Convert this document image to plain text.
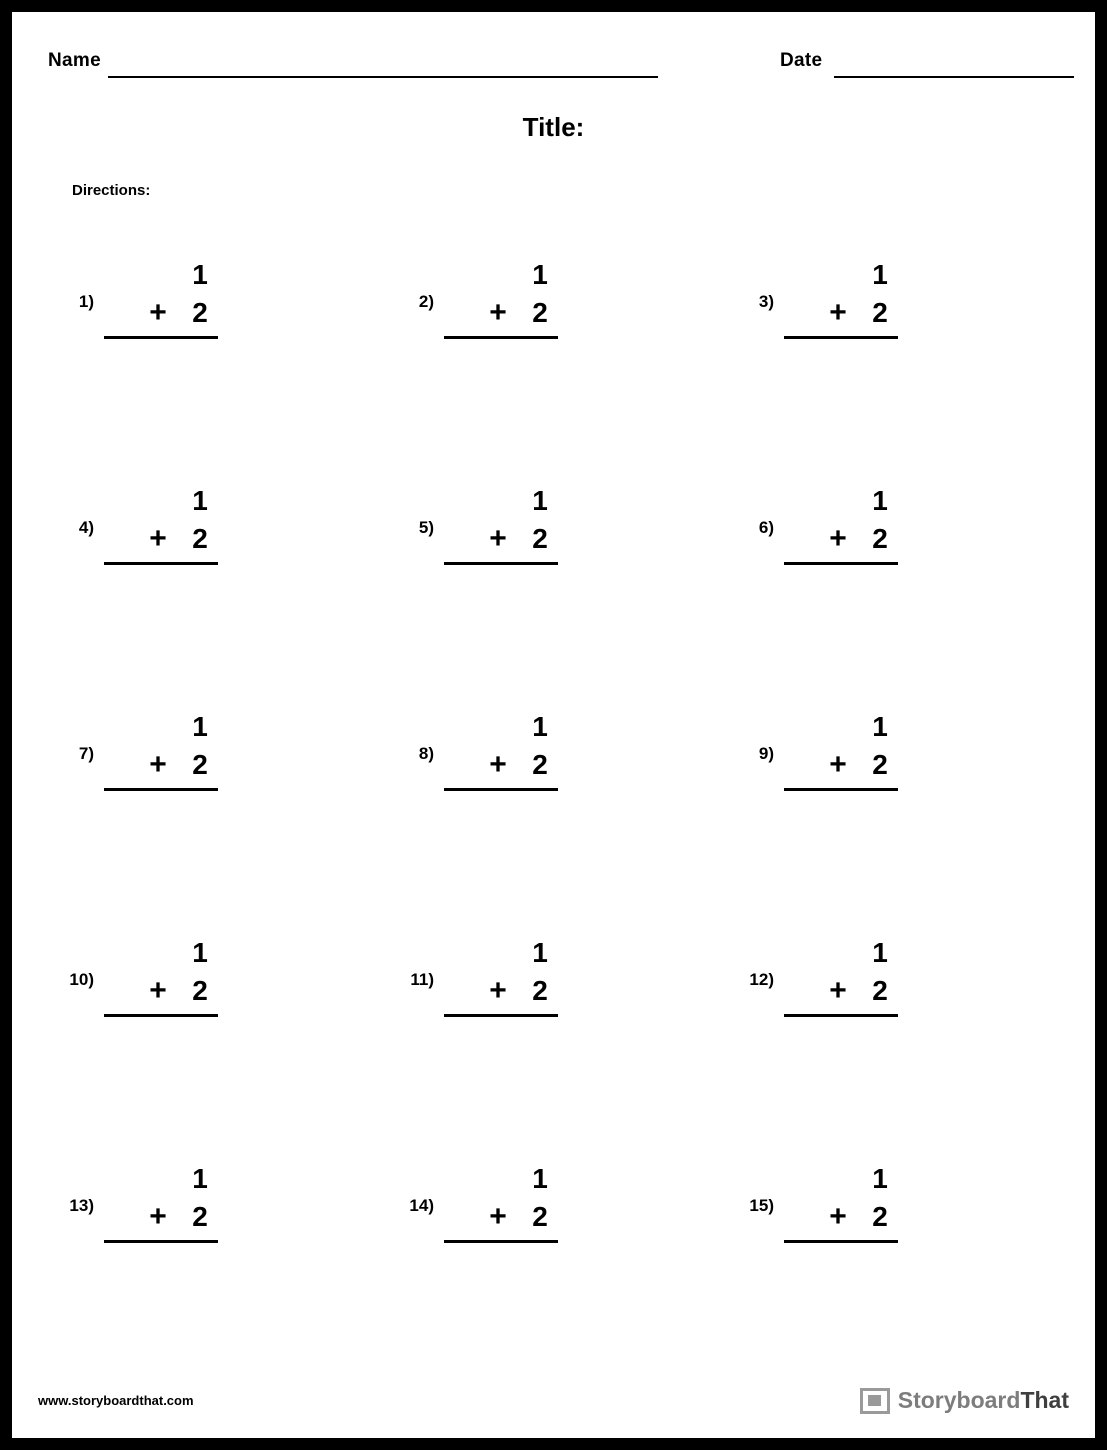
Name	Date
Title:
Directions:
1)
1
+ 2	2)
1
+ 2	3)
1
+ 2
4)
1
+ 2	5)
1
+ 2	6)
1
+ 2
7)
1
+ 2	8)
1
+ 2	9)
1
+ 2
10)
1
+ 2	11)
1
+ 2	12)
1
+ 2
13)
1
+ 2	14)
1
+ 2	15)
1
+ 2
www.storyboardthat.com	StoryboardThat
